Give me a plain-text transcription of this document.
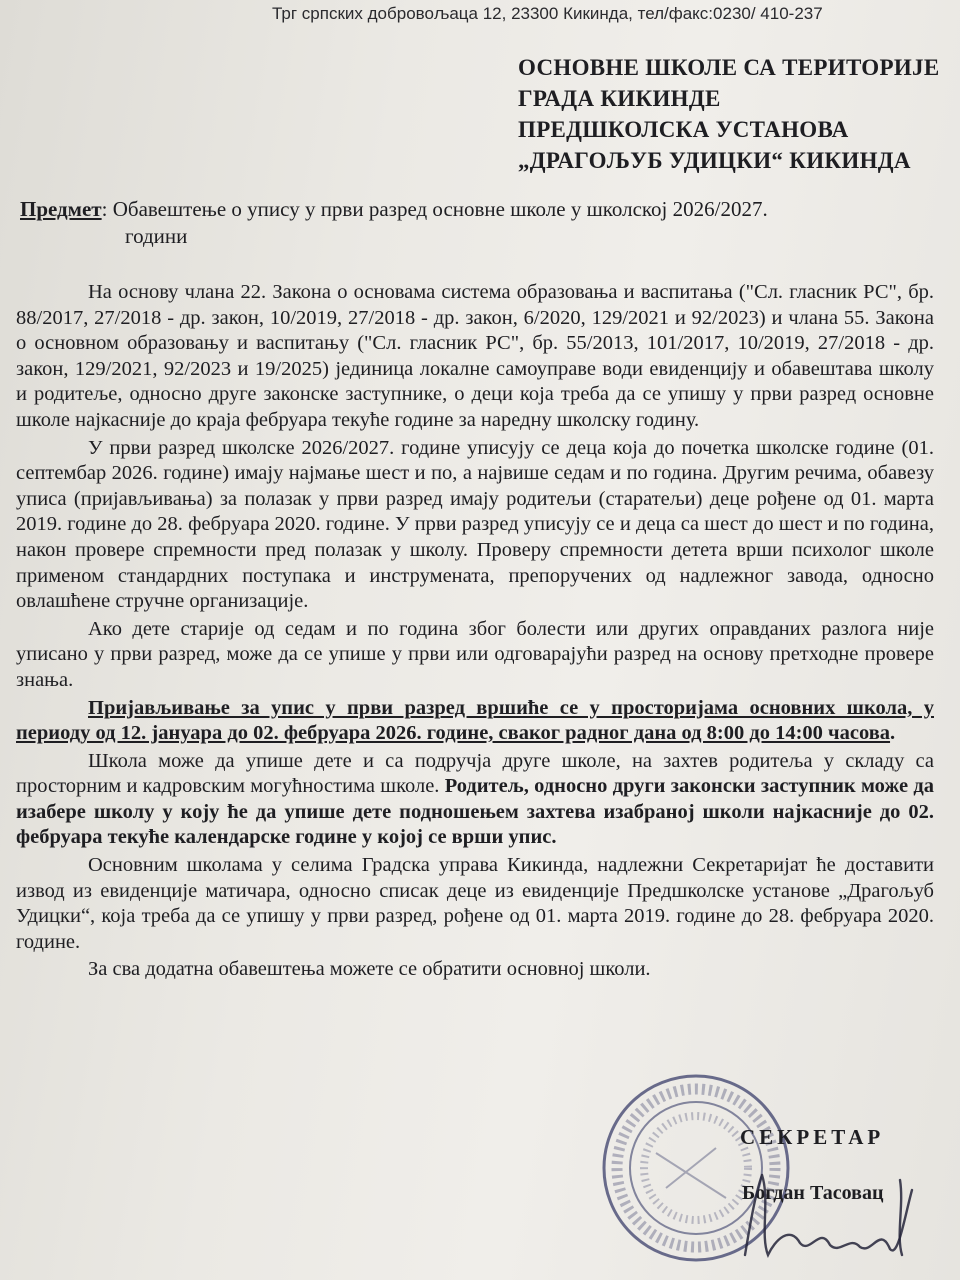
Трг српских добровољаца 12, 23300 Кикинда, тел/факс:0230/ 410-237
ОСНОВНЕ ШКОЛЕ СА ТЕРИТОРИЈЕ
ГРАДА КИКИНДЕ
ПРЕДШКОЛСКА УСТАНОВА
„ДРАГОЉУБ УДИЦКИ“ КИКИНДА
Предмет: Обавештење о упису у први разред основне школе у школској 2026/2027.
години

На основу члана 22. Закона о основама система образовања и васпитања ("Сл. гласник РС", бр. 88/2017, 27/2018 - др. закон, 10/2019, 27/2018 - др. закон, 6/2020, 129/2021 и 92/2023) и члана 55. Закона о основном образовању и васпитању ("Сл. гласник РС", бр. 55/2013, 101/2017, 10/2019, 27/2018 - др. закон, 129/2021, 92/2023 и 19/2025) јединица локалне самоуправе води евиденцију и обавештава школу и родитеље, односно друге законске заступнике, о деци која треба да се упишу у први разред основне школе најкасније до краја фебруара текуће године за наредну школску годину.

У први разред школске 2026/2027. године уписују се деца која до почетка школске године (01. септембар 2026. године) имају најмање шест и по, а највише седам и по година. Другим речима, обавезу уписа (пријављивања) за полазак у први разред имају родитељи (старатељи) деце рођене од 01. марта 2019. године до 28. фебруара 2020. године. У први разред уписују се и деца са шест до шест и по година, након провере спремности пред полазак у школу. Проверу спремности детета врши психолог школе применом стандардних поступака и инструмената, препоручених од надлежног завода, односно овлашћене стручне организације.

Ако дете старије од седам и по година због болести или других оправданих разлога није уписано у први разред, може да се упише у први или одговарајући разред на основу претходне провере знања.

Пријављивање за упис у први разред вршиће се у просторијама основних школа, у периоду од 12. јануара до 02. фебруара 2026. године, сваког радног дана од 8:00 до 14:00 часова.

Школа може да упише дете и са подручја друге школе, на захтев родитеља у складу са просторним и кадровским могућностима школе. Родитељ, односно други законски заступник може да изабере школу у коју ће да упише дете подношењем захтева изабраној школи најкасније до 02. фебруара текуће календарске године у којој се врши упис.

Основним школама у селима Градска управа Кикинда, надлежни Секретаријат ће доставити извод из евиденције матичара, односно списак деце из евиденције Предшколске установе „Драгољуб Удицки“, која треба да се упишу у први разред, рођене од 01. марта 2019. године до 28. фебруара 2020. године.

За сва додатна обавештења можете се обратити основној школи.

СЕКРЕТАР
Богдан Тасовац
